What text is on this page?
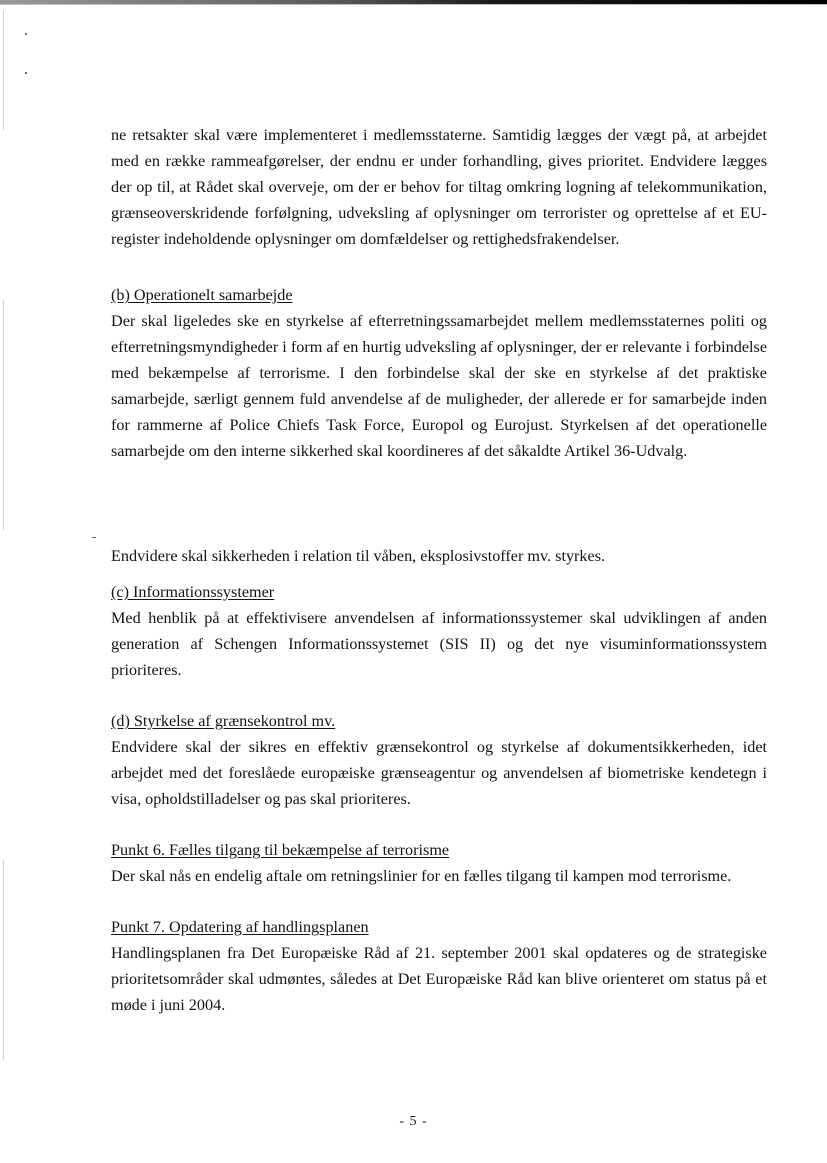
ne retsakter skal være implementeret i medlemsstaterne. Samtidig lægges der vægt på, at arbejdet med en række rammeafgørelser, der endnu er under forhandling, gives prioritet. Endvidere lægges der op til, at Rådet skal overveje, om der er behov for tiltag omkring logning af telekommunikation, grænseoverskridende forfølgning, udveksling af oplysninger om terrorister og oprettelse af et EU-register indeholdende oplysninger om domfældelser og rettighedsfrakendelser.

(b) Operationelt samarbejde

Der skal ligeledes ske en styrkelse af efterretningssamarbejdet mellem medlemsstaternes politi og efterretningsmyndigheder i form af en hurtig udveksling af oplysninger, der er relevante i forbindelse med bekæmpelse af terrorisme. I den forbindelse skal der ske en styrkelse af det praktiske samarbejde, særligt gennem fuld anvendelse af de muligheder, der allerede er for samarbejde inden for rammerne af Police Chiefs Task Force, Europol og Eurojust. Styrkelsen af det operationelle samarbejde om den interne sikkerhed skal koordineres af det såkaldte Artikel 36-Udvalg.

Endvidere skal sikkerheden i relation til våben, eksplosivstoffer mv. styrkes.

(c) Informationssystemer

Med henblik på at effektivisere anvendelsen af informationssystemer skal udviklingen af anden generation af Schengen Informationssystemet (SIS II) og det nye visuminformationssystem prioriteres.

(d) Styrkelse af grænsekontrol mv.

Endvidere skal der sikres en effektiv grænsekontrol og styrkelse af dokumentsikkerheden, idet arbejdet med det foreslåede europæiske grænseagentur og anvendelsen af biometriske kendetegn i visa, opholdstilladelser og pas skal prioriteres.

Punkt 6. Fælles tilgang til bekæmpelse af terrorisme

Der skal nås en endelig aftale om retningslinier for en fælles tilgang til kampen mod terrorisme.

Punkt 7. Opdatering af handlingsplanen

Handlingsplanen fra Det Europæiske Råd af 21. september 2001 skal opdateres og de strategiske prioritetsområder skal udmøntes, således at Det Europæiske Råd kan blive orienteret om status på et møde i juni 2004.

- 5 -
